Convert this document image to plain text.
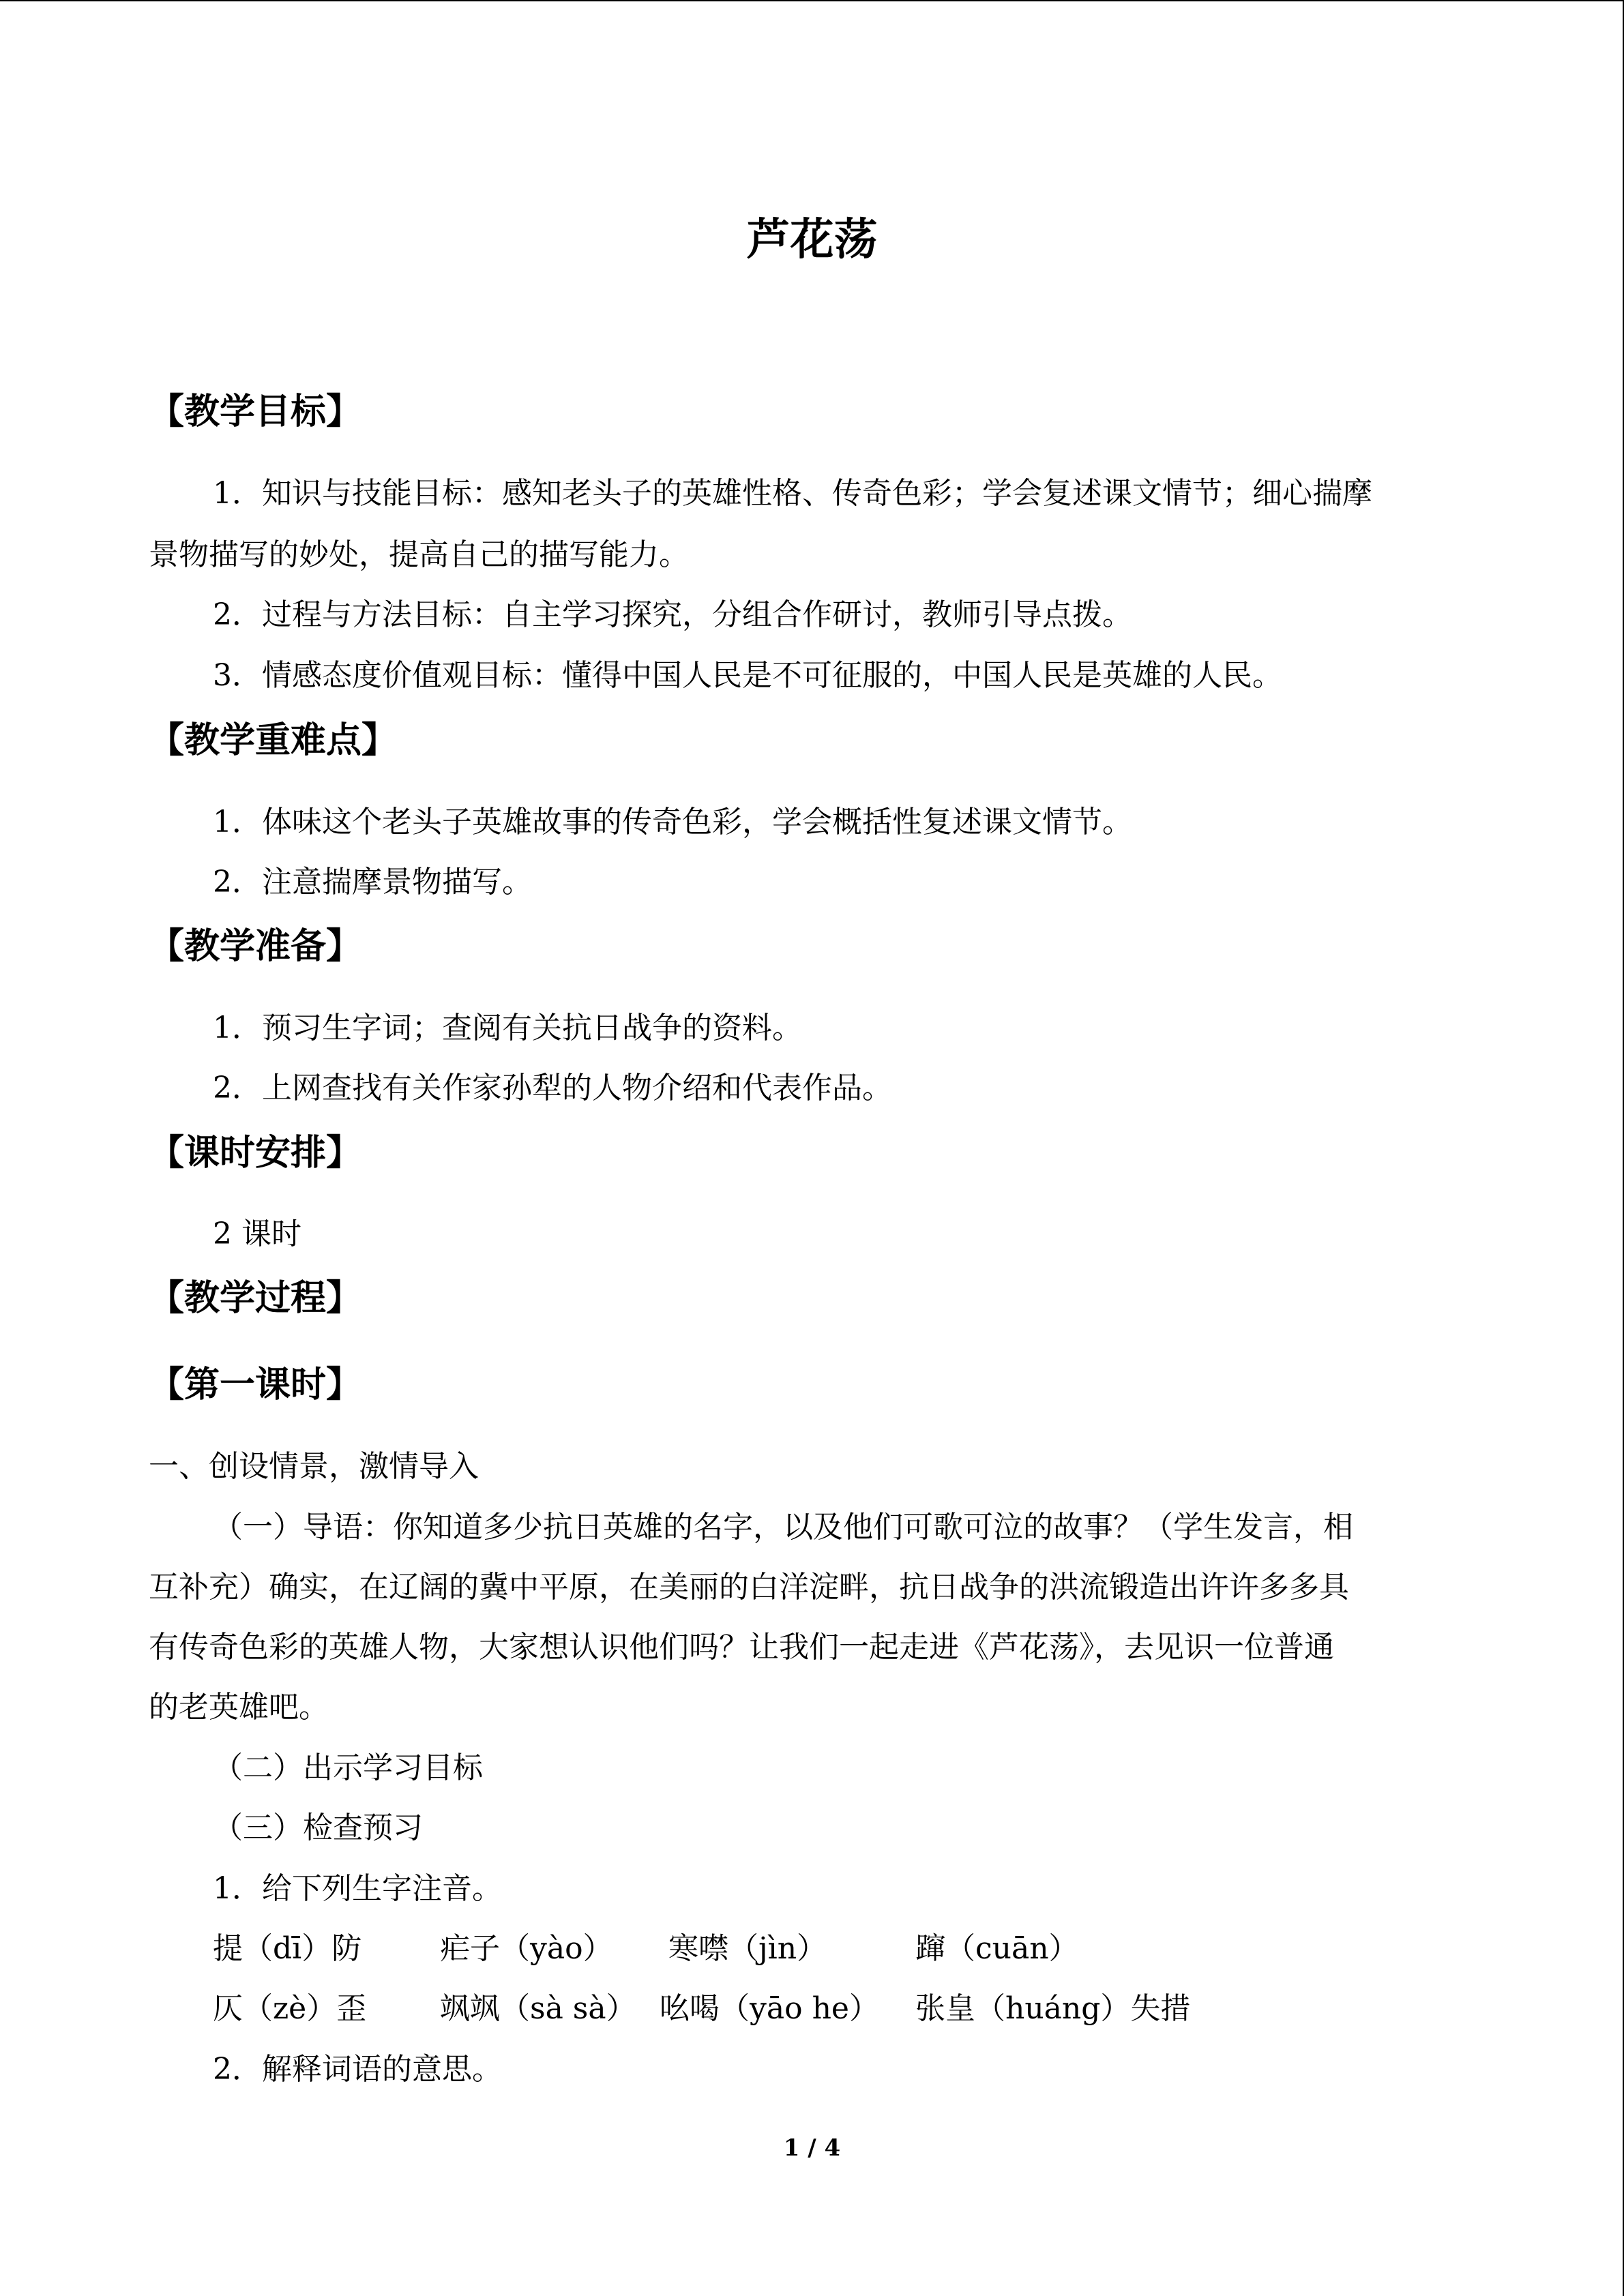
芦花荡
【教学目标】
1．知识与技能目标：感知老头子的英雄性格、传奇色彩；学会复述课文情节；细心揣摩
景物描写的妙处，提高自己的描写能力。
2．过程与方法目标：自主学习探究，分组合作研讨，教师引导点拨。
3．情感态度价值观目标：懂得中国人民是不可征服的，中国人民是英雄的人民。
【教学重难点】
1．体味这个老头子英雄故事的传奇色彩，学会概括性复述课文情节。
2．注意揣摩景物描写。
【教学准备】
1．预习生字词；查阅有关抗日战争的资料。
2．上网查找有关作家孙犁的人物介绍和代表作品。
【课时安排】
2 课时
【教学过程】
【第一课时】
一、创设情景，激情导入
（一）导语：你知道多少抗日英雄的名字，以及他们可歌可泣的故事？（学生发言，相
互补充）确实，在辽阔的冀中平原，在美丽的白洋淀畔，抗日战争的洪流锻造出许许多多具
有传奇色彩的英雄人物，大家想认识他们吗？让我们一起走进《芦花荡》，去见识一位普通
的老英雄吧。
（二）出示学习目标
（三）检查预习
1．给下列生字注音。
提（dī）防	疟子（yào） 寒噤（jìn）	蹿（cuān）
仄（zè）歪 飒飒（sà sà） 吆喝（yāo he） 张皇（huáng）失措
2．解释词语的意思。
1 / 4
